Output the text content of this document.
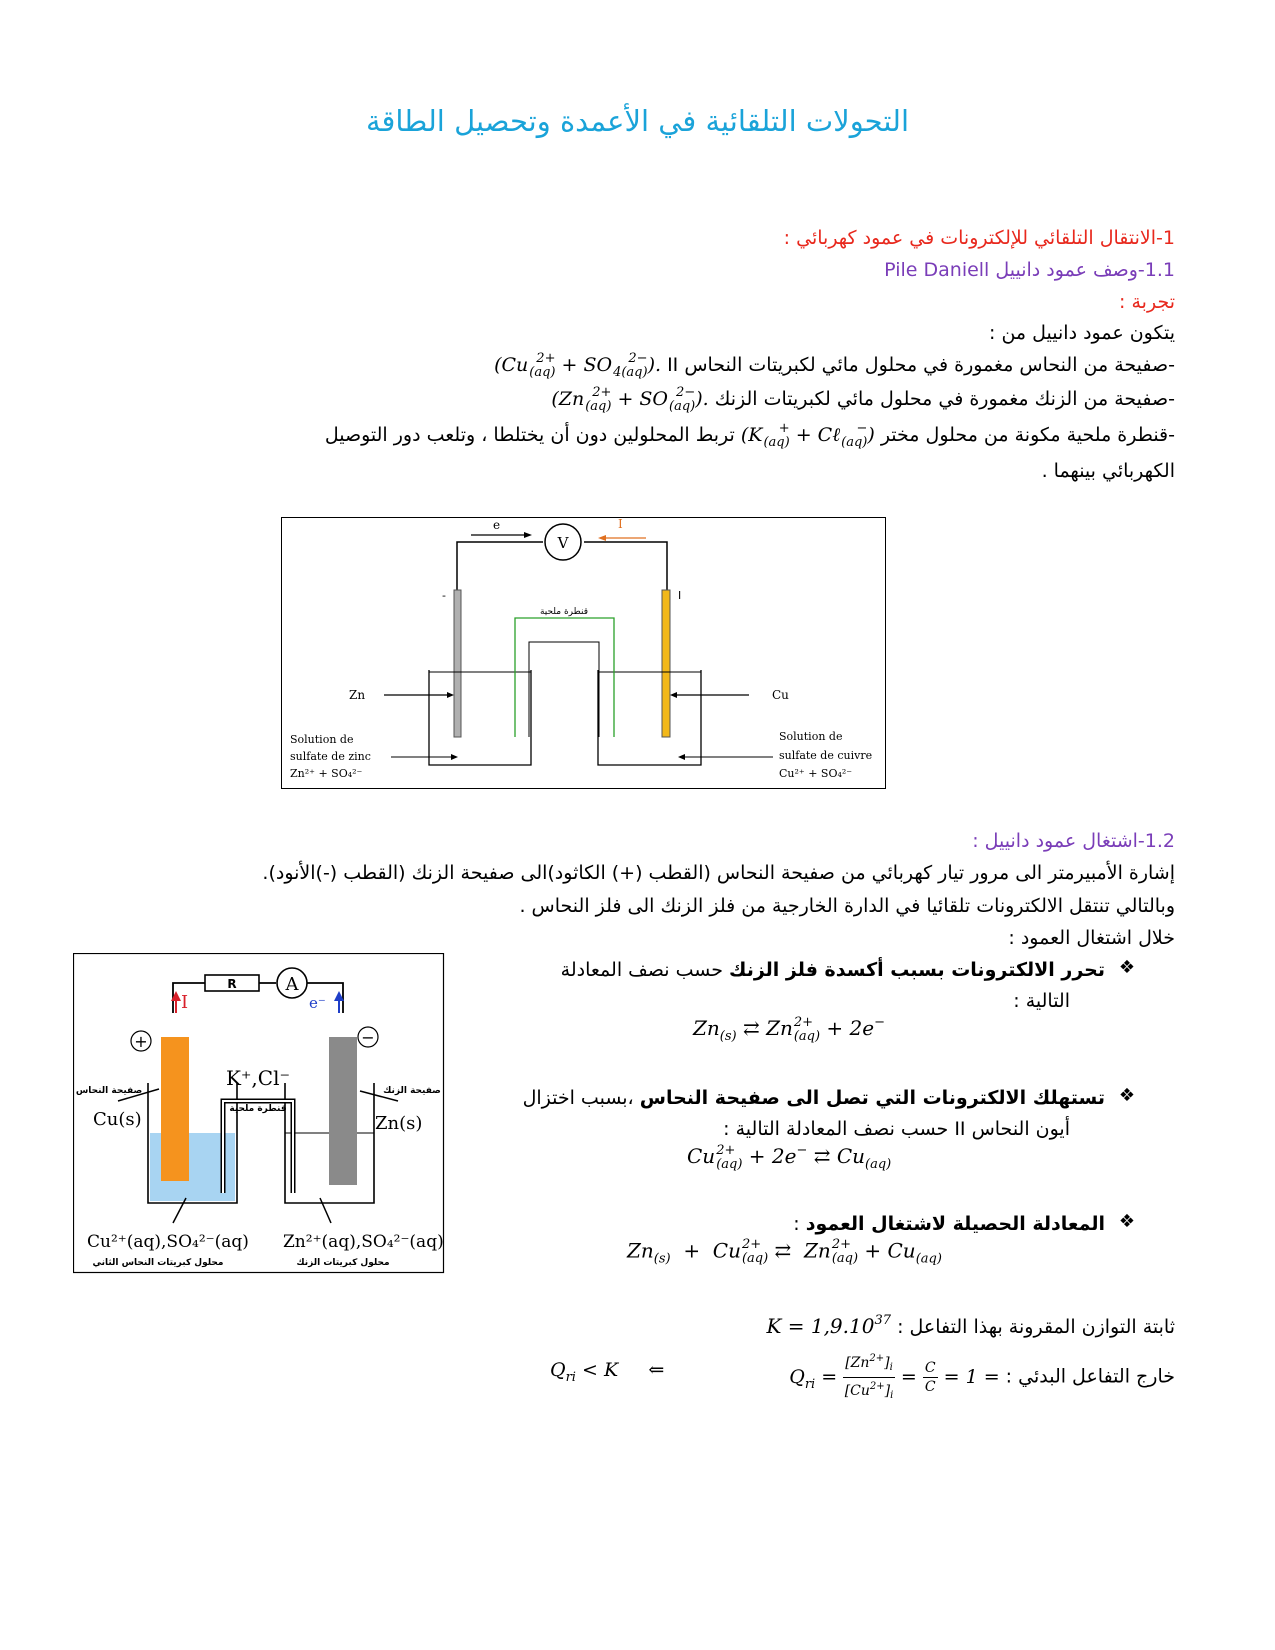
التحولات التلقائية في الأعمدة وتحصيل الطاقة
1-الانتقال التلقائي للإلكترونات في عمود كهربائي :
1.1-وصف عمود دانييل Pile Daniell
تجربة :
يتكون عمود دانييل من :
-صفيحة من النحاس مغمورة في محلول مائي لكبريتات النحاس II (Cu 2+
(aq) + SO	2−
4(aq) ).
-صفيحة من الزنك مغمورة في محلول مائي لكبريتات الزنك (Zn 2+
(aq) + SO 2−
(aq) ).
-قنطرة ملحية مكونة من محلول مختر (K	+
(aq) + Cℓ	−
(aq) ) تربط المحلولين دون أن يختلطا ، وتلعب دور التوصيل
الكهربائي بينهما .
V
e	I
-	I
قنطرة ملحية
Zn	Cu
Solution de
sulfate de zinc
Zn²⁺ + SO₄²⁻
Solution de
sulfate de cuivre
Cu²⁺ + SO₄²⁻
1.2-اشتغال عمود دانييل :
إشارة الأمبيرمتر الى مرور تيار كهربائي من صفيحة النحاس (القطب (+) الكاثود)الى صفيحة الزنك (القطب (-)الأنود).
وبالتالي تنتقل الالكترونات تلقائيا في الدارة الخارجية من فلز الزنك الى فلز النحاس .
خلال اشتغال العمود :
تحرر الالكترونات بسبب أكسدة فلز الزنك حسب نصف المعادلة	❖
التالية :
$Zn_{(s)}$ ⇄ Zn 2+
(aq) + 2e−
تستهلك الالكترونات التي تصل الى صفيحة النحاس ،بسبب اختزال	❖
أيون النحاس II حسب نصف المعادلة التالية :
Cu 2+
(aq) + 2e− ⇄ $Cu_{(aq)}$
المعادلة الحصيلة لاشتغال العمود :	❖
$Zn_{(s)} + Cu$ 2+
(aq) ⇄  Zn 2+
$(aq) + Cu_{(aq)}$
ثابتة التوازن المقرونة بهذا التفاعل : $K = 1,9.10^{37}$
خارج التفاعل البدئي : $Q_{ri} = \frac{[Zn^{2+}]_i}{[Cu^{2+}]_i} = \frac{C}{C} = 1$ =
$Q_{ri} < K$     ⇐
R	A
I	e⁻
+	−
قنطرة ملحية
K⁺,Cl⁻
صفيحة النحاس
Cu(s)
صفيحة الزنك
Zn(s)
Cu²⁺(aq),SO₄²⁻(aq) Zn²⁺(aq),SO₄²⁻(aq)
محلول كبريتات النحاس الثاني	محلول كبريتات الزنك
